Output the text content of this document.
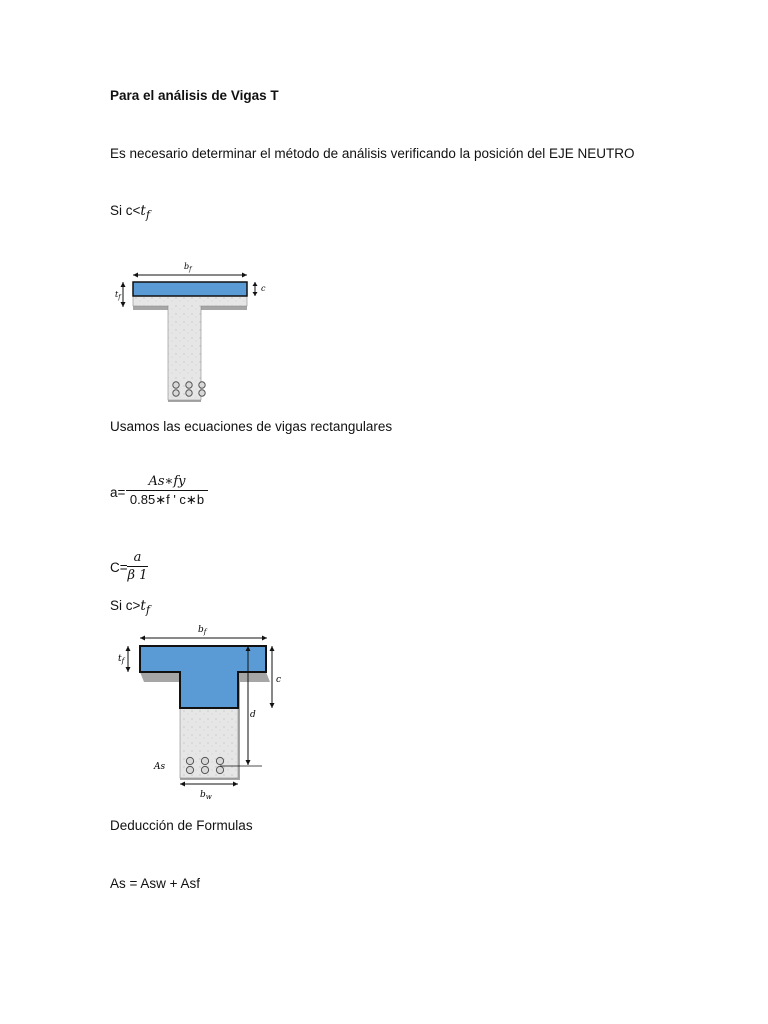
Para el análisis de Vigas T
Es necesario determinar el método de análisis verificando la posición del EJE NEUTRO
Si $c<t_f$
$b_f$
$t_f$
c
Usamos las ecuaciones de vigas rectangulares
a=
As∗fy
0.85∗f ' c∗b
C=
a
β 1
Si $c>t_f$
$b_f$
As
$t_f$
d
c
$b_w$
Deducción de Formulas
As = Asw + Asf
